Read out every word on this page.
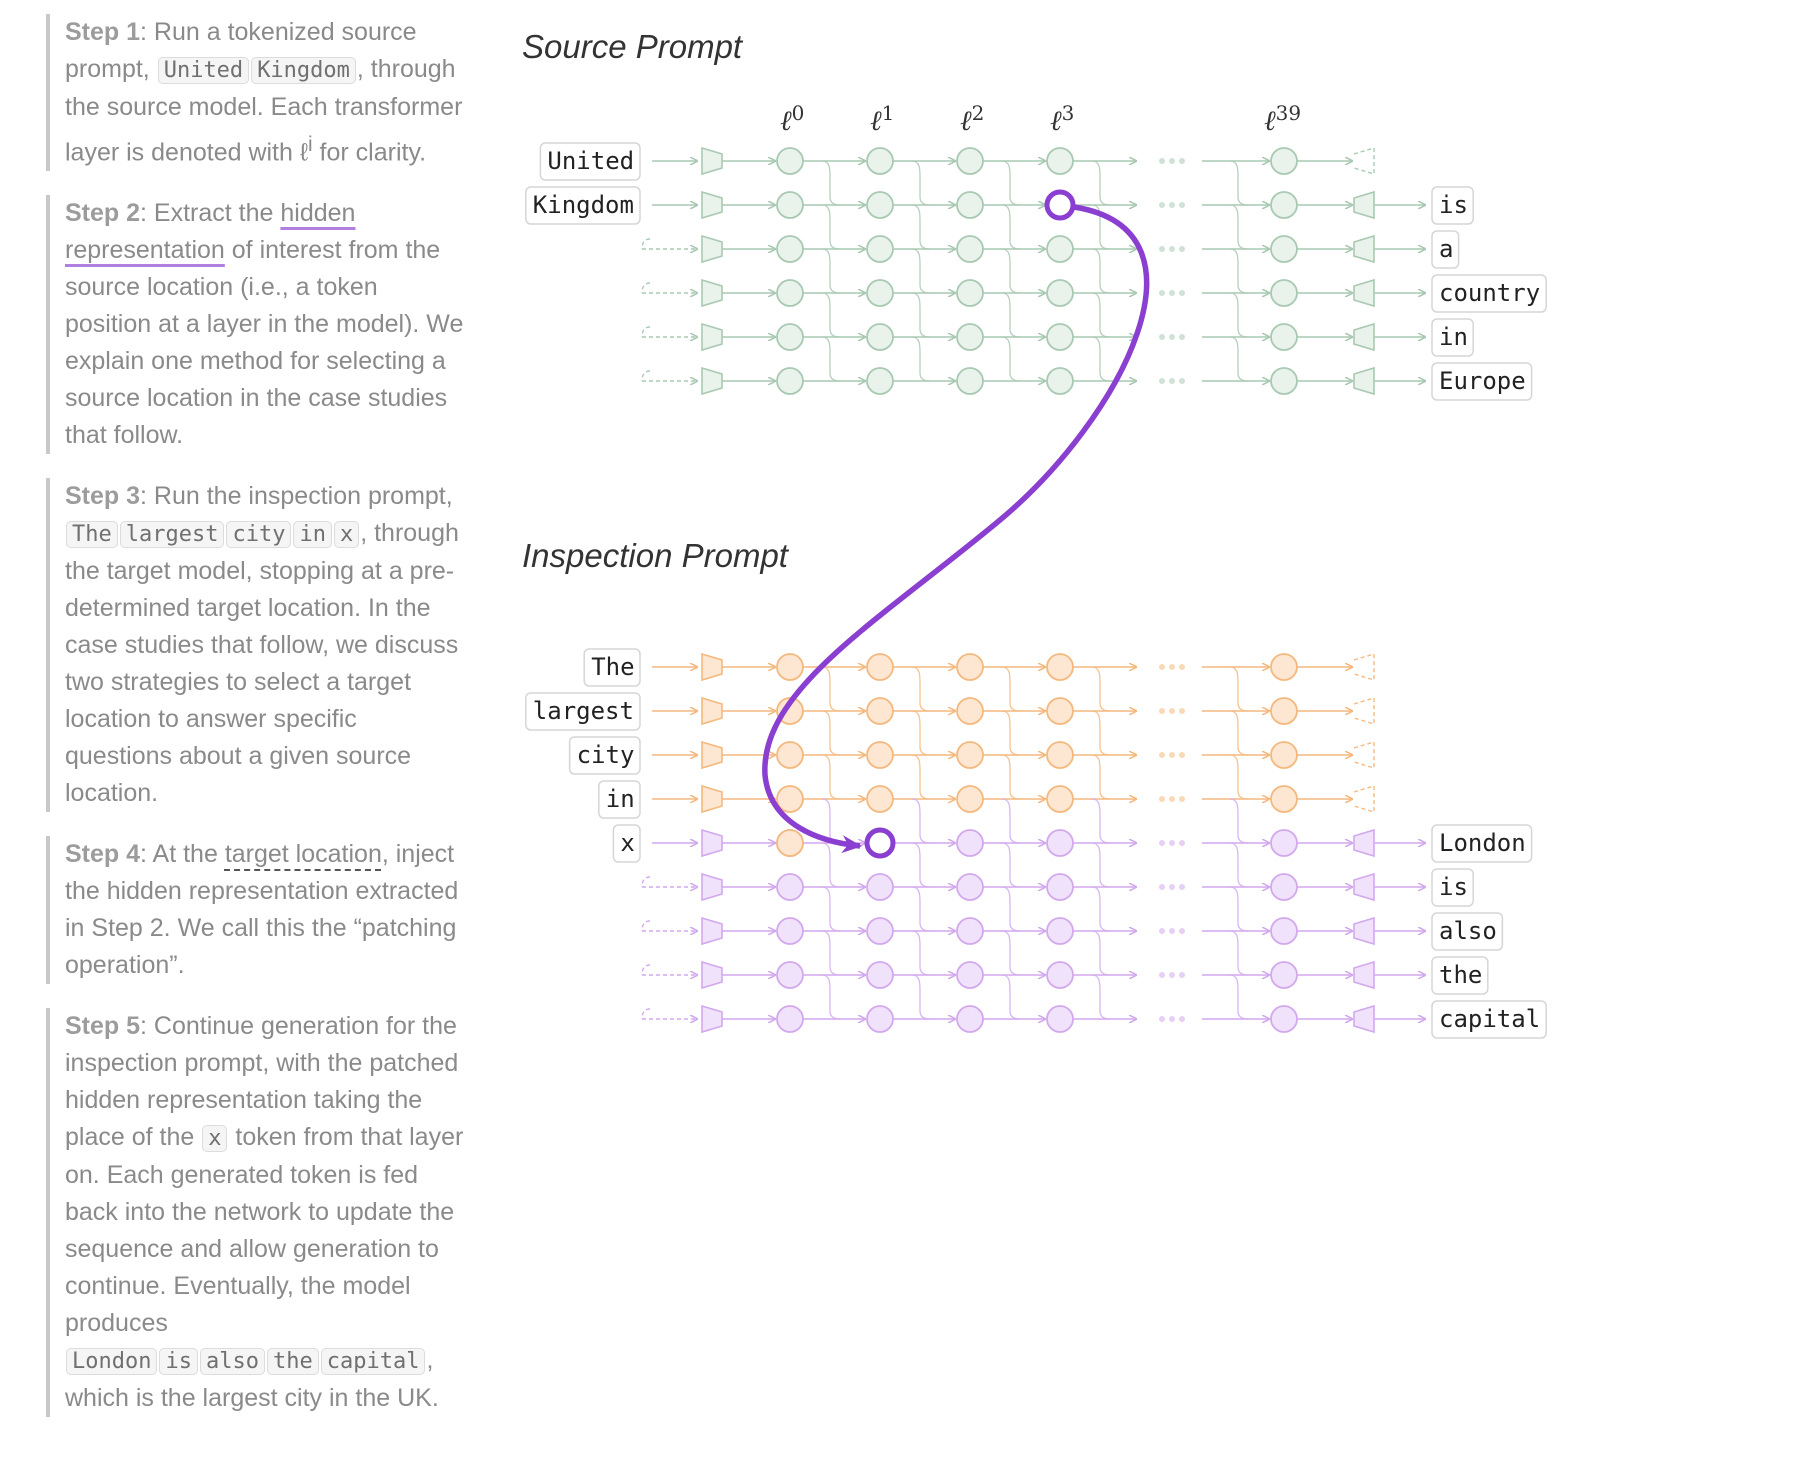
Step 1: Run a tokenized source prompt, United Kingdom , through the source model. Each transformer layer is denoted with ℓ$^i$ for clarity.
Step 2: Extract the hidden representation of interest from the source location (i.e., a token position at a layer in the model). We explain one method for selecting a source location in the case studies that follow.
Step 3: Run the inspection prompt, The largest city in x , through the target model, stopping at a pre-determined target location. In the case studies that follow, we discuss two strategies to select a target location to answer specific questions about a given source location.
Step 4: At the target location, inject the hidden representation extracted in Step 2. We call this the “patching operation”.
Step 5: Continue generation for the inspection prompt, with the patched hidden representation taking the place of the x token from that layer on. Each generated token is fed back into the network to update the sequence and allow generation to continue. Eventually, the model produces London is also the capital , which is the largest city in the UK.
Source Prompt
Inspection Prompt
ℓ$^0$ ℓ$^1$ ℓ$^2$ ℓ$^3$	ℓ$^{39}$
United
is
Kingdom
a
country
in
Europe
The
largest
city
in
London
x
is
also
the
capital
